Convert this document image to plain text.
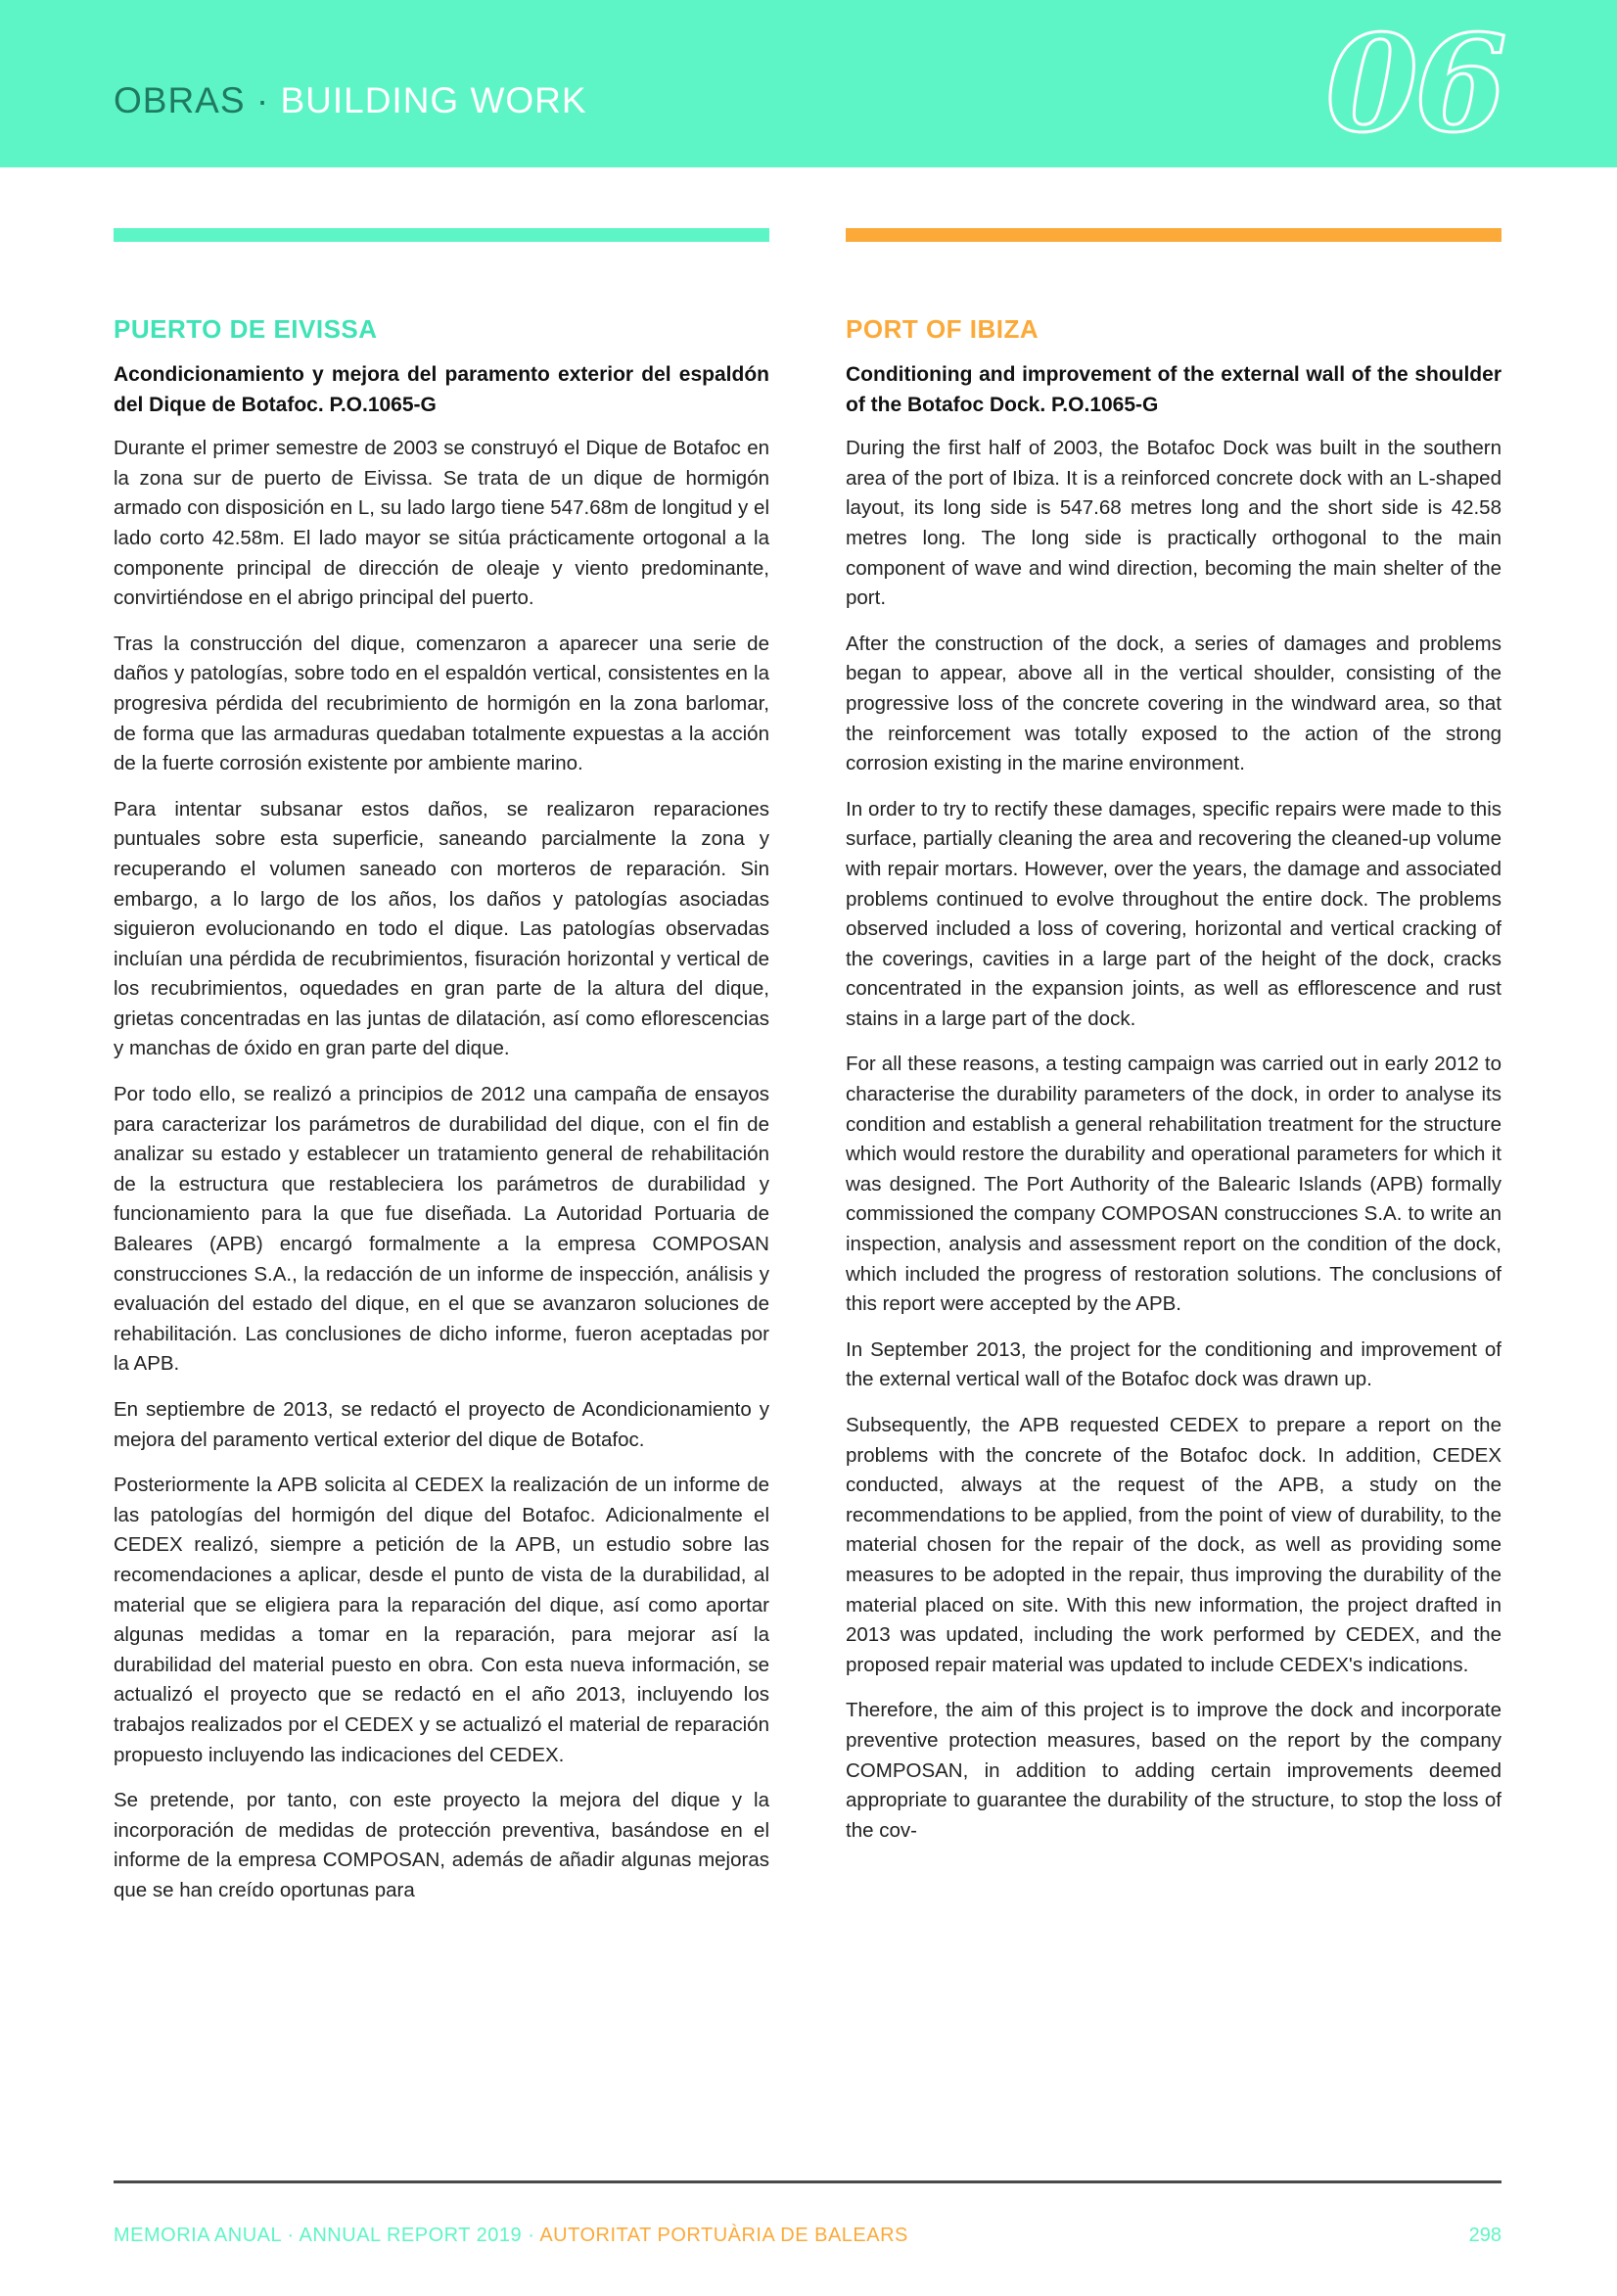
OBRAS · BUILDING WORK	06
PUERTO DE EIVISSA

Acondicionamiento y mejora del paramento exterior del espaldón del Dique de Botafoc. P.O.1065-G

Durante el primer semestre de 2003 se construyó el Dique de Botafoc en la zona sur de puerto de Eivissa. Se trata de un dique de hormigón armado con disposición en L, su lado largo tiene 547.68m de longitud y el lado corto 42.58m. El lado mayor se sitúa prácticamente ortogonal a la componente principal de dirección de oleaje y viento predominante, convirtiéndose en el abrigo principal del puerto.

Tras la construcción del dique, comenzaron a aparecer una serie de daños y patologías, sobre todo en el espaldón vertical, consistentes en la progresiva pérdida del recubrimiento de hormigón en la zona barlomar, de forma que las armaduras quedaban totalmente expuestas a la acción de la fuerte corrosión existente por ambiente marino.

Para intentar subsanar estos daños, se realizaron reparaciones puntuales sobre esta superficie, saneando parcialmente la zona y recuperando el volumen saneado con morteros de reparación. Sin embargo, a lo largo de los años, los daños y patologías asociadas siguieron evolucionando en todo el dique. Las patologías observadas incluían una pérdida de recubrimientos, fisuración horizontal y vertical de los recubrimientos, oquedades en gran parte de la altura del dique, grietas concentradas en las juntas de dilatación, así como eflorescencias y manchas de óxido en gran parte del dique.

Por todo ello, se realizó a principios de 2012 una campaña de ensayos para caracterizar los parámetros de durabilidad del dique, con el fin de analizar su estado y establecer un tratamiento general de rehabilitación de la estructura que restableciera los parámetros de durabilidad y funcionamiento para la que fue diseñada. La Autoridad Portuaria de Baleares (APB) encargó formalmente a la empresa COMPOSAN construcciones S.A., la redacción de un informe de inspección, análisis y evaluación del estado del dique, en el que se avanzaron soluciones de rehabilitación. Las conclusiones de dicho informe, fueron aceptadas por la APB.

En septiembre de 2013, se redactó el proyecto de Acondicionamiento y mejora del paramento vertical exterior del dique de Botafoc.

Posteriormente la APB solicita al CEDEX la realización de un informe de las patologías del hormigón del dique del Botafoc. Adicionalmente el CEDEX realizó, siempre a petición de la APB, un estudio sobre las recomendaciones a aplicar, desde el punto de vista de la durabilidad, al material que se eligiera para la reparación del dique, así como aportar algunas medidas a tomar en la reparación, para mejorar así la durabilidad del material puesto en obra. Con esta nueva información, se actualizó el proyecto que se redactó en el año 2013, incluyendo los trabajos realizados por el CEDEX y se actualizó el material de reparación propuesto incluyendo las indicaciones del CEDEX.

Se pretende, por tanto, con este proyecto la mejora del dique y la incorporación de medidas de protección preventiva, basándose en el informe de la empresa COMPOSAN, además de añadir algunas mejoras que se han creído oportunas para

PORT OF IBIZA

Conditioning and improvement of the external wall of the shoulder of the Botafoc Dock. P.O.1065-G

During the first half of 2003, the Botafoc Dock was built in the southern area of the port of Ibiza. It is a reinforced concrete dock with an L-shaped layout, its long side is 547.68 metres long and the short side is 42.58 metres long. The long side is practically orthogonal to the main component of wave and wind direction, becoming the main shelter of the port.

After the construction of the dock, a series of damages and problems began to appear, above all in the vertical shoulder, consisting of the progressive loss of the concrete covering in the windward area, so that the reinforcement was totally exposed to the action of the strong corrosion existing in the marine environment.

In order to try to rectify these damages, specific repairs were made to this surface, partially cleaning the area and recovering the cleaned-up volume with repair mortars. However, over the years, the damage and associated problems continued to evolve throughout the entire dock. The problems observed included a loss of covering, horizontal and vertical cracking of the coverings, cavities in a large part of the height of the dock, cracks concentrated in the expansion joints, as well as efflorescence and rust stains in a large part of the dock.

For all these reasons, a testing campaign was carried out in early 2012 to characterise the durability parameters of the dock, in order to analyse its condition and establish a general rehabilitation treatment for the structure which would restore the durability and operational parameters for which it was designed. The Port Authority of the Balearic Islands (APB) formally commissioned the company COMPOSAN construcciones S.A. to write an inspection, analysis and assessment report on the condition of the dock, which included the progress of restoration solutions. The conclusions of this report were accepted by the APB.

In September 2013, the project for the conditioning and improvement of the external vertical wall of the Botafoc dock was drawn up.

Subsequently, the APB requested CEDEX to prepare a report on the problems with the concrete of the Botafoc dock. In addition, CEDEX conducted, always at the request of the APB, a study on the recommendations to be applied, from the point of view of durability, to the material chosen for the repair of the dock, as well as providing some measures to be adopted in the repair, thus improving the durability of the material placed on site. With this new information, the project drafted in 2013 was updated, including the work performed by CEDEX, and the proposed repair material was updated to include CEDEX's indications.

Therefore, the aim of this project is to improve the dock and incorporate preventive protection measures, based on the report by the company COMPOSAN, in addition to adding certain improvements deemed appropriate to guarantee the durability of the structure, to stop the loss of the cov-

MEMORIA ANUAL · ANNUAL REPORT 2019 · AUTORITAT PORTUÀRIA DE BALEARS	298
